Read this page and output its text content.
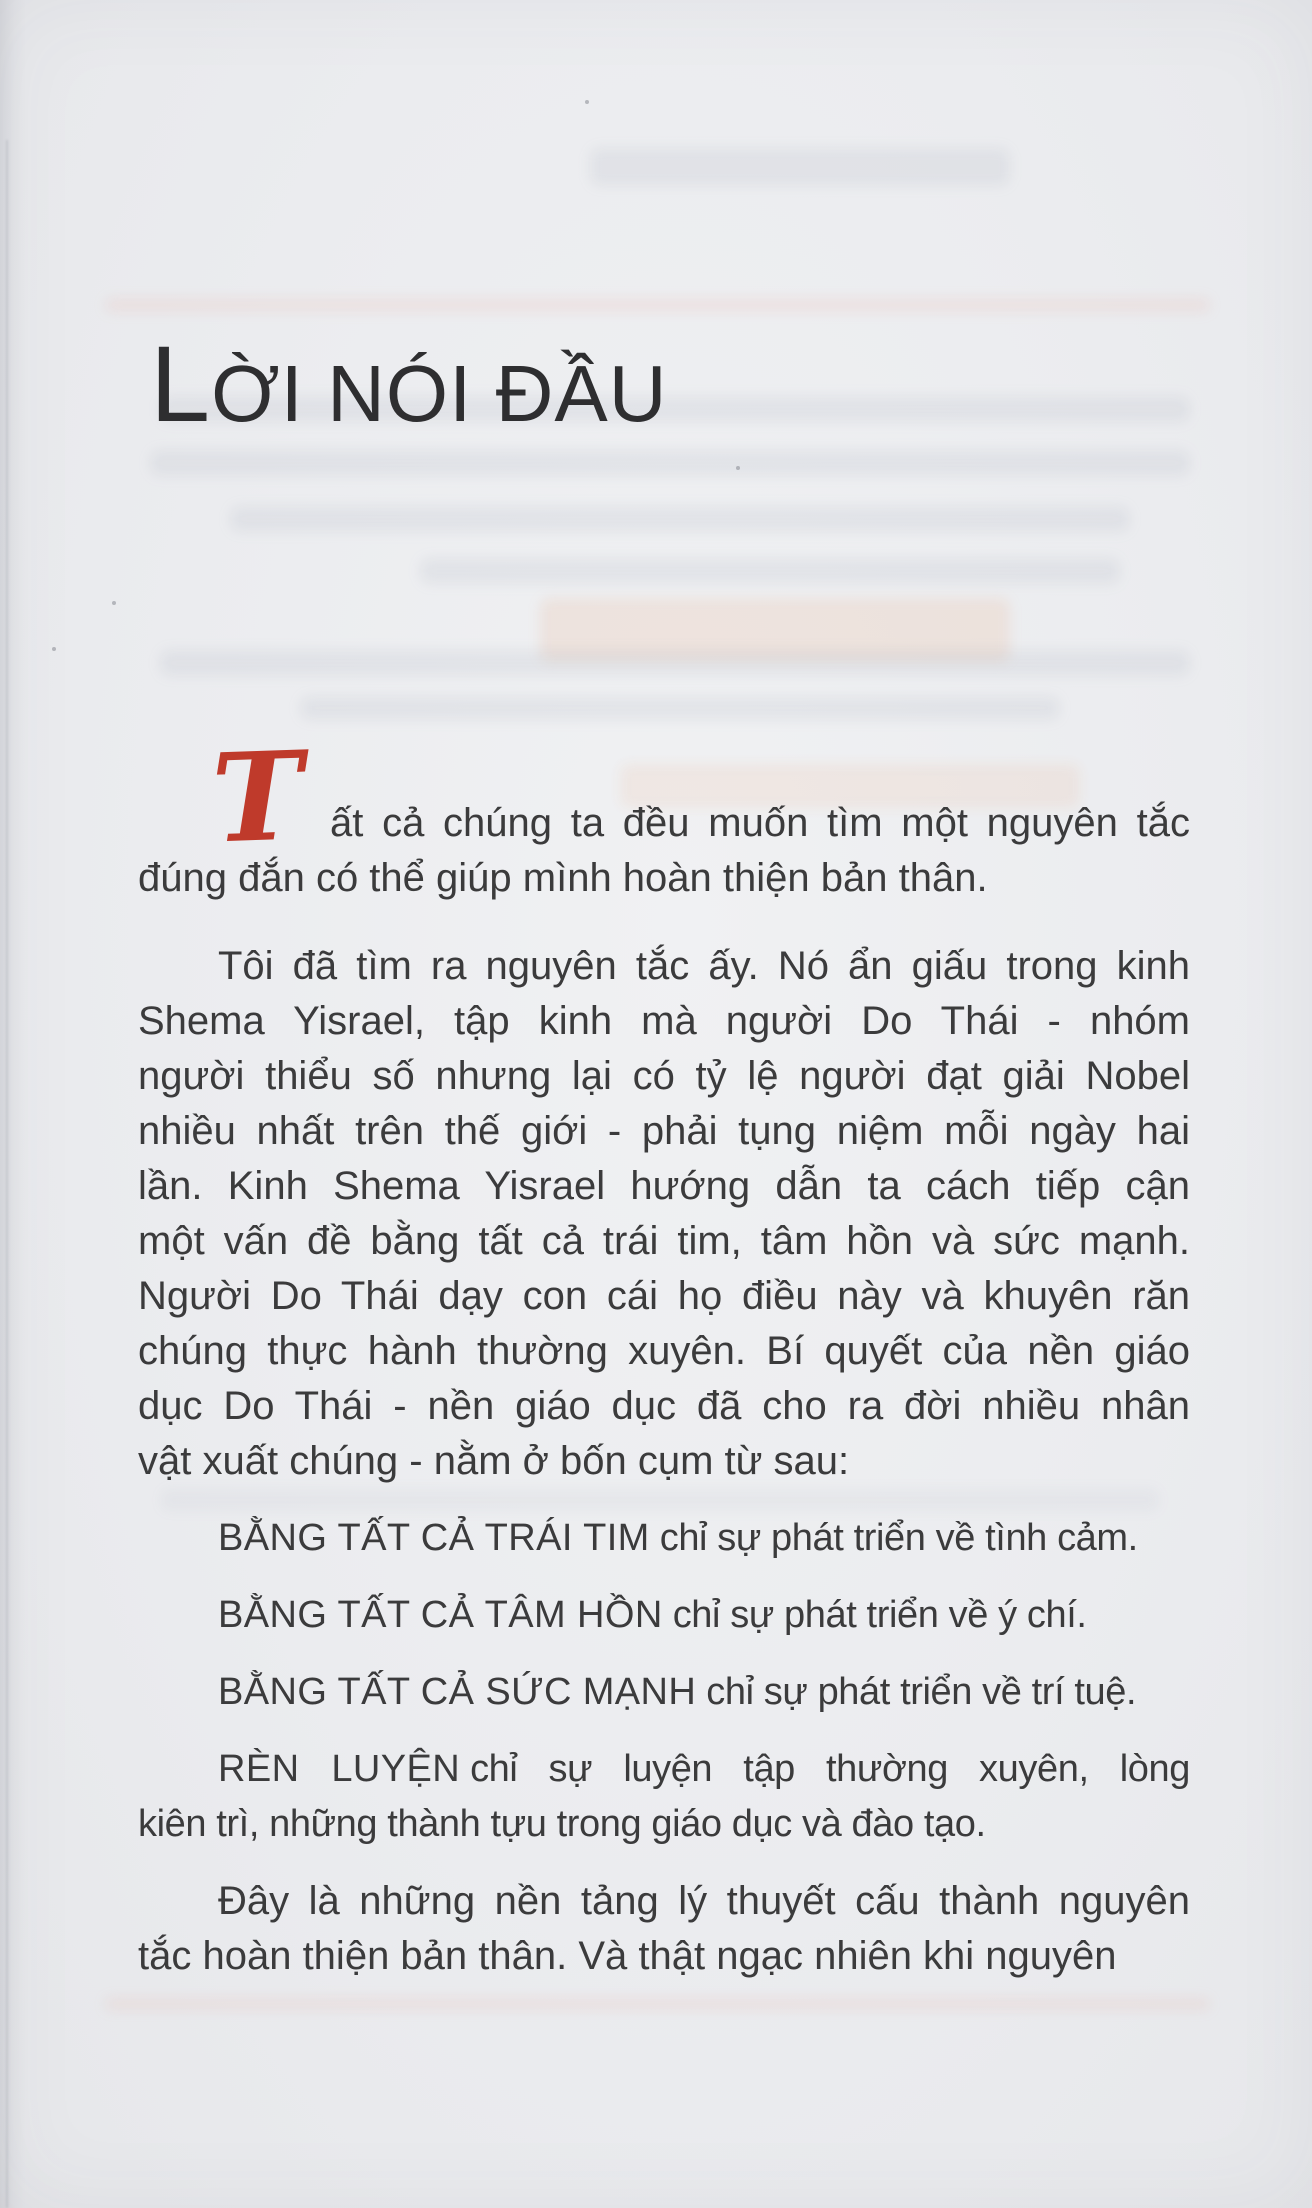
LỜI NÓI ĐẦU
T ất cả chúng ta đều muốn tìm một nguyên tắc
đúng đắn có thể giúp mình hoàn thiện bản thân.
Tôi đã tìm ra nguyên tắc ấy. Nó ẩn giấu trong kinh
Shema Yisrael, tập kinh mà người Do Thái - nhóm
người thiểu số nhưng lại có tỷ lệ người đạt giải Nobel
nhiều nhất trên thế giới - phải tụng niệm mỗi ngày hai
lần. Kinh Shema Yisrael hướng dẫn ta cách tiếp cận
một vấn đề bằng tất cả trái tim, tâm hồn và sức mạnh.
Người Do Thái dạy con cái họ điều này và khuyên răn
chúng thực hành thường xuyên. Bí quyết của nền giáo
dục Do Thái - nền giáo dục đã cho ra đời nhiều nhân
vật xuất chúng - nằm ở bốn cụm từ sau:
BẰNG TẤT CẢ TRÁI TIM chỉ sự phát triển về tình cảm.
BẰNG TẤT CẢ TÂM HỒN chỉ sự phát triển về ý chí.
BẰNG TẤT CẢ SỨC MẠNH chỉ sự phát triển về trí tuệ.
RÈN LUYỆN chỉ sự luyện tập thường xuyên, lòng
kiên trì, những thành tựu trong giáo dục và đào tạo.
Đây là những nền tảng lý thuyết cấu thành nguyên
tắc hoàn thiện bản thân. Và thật ngạc nhiên khi nguyên
